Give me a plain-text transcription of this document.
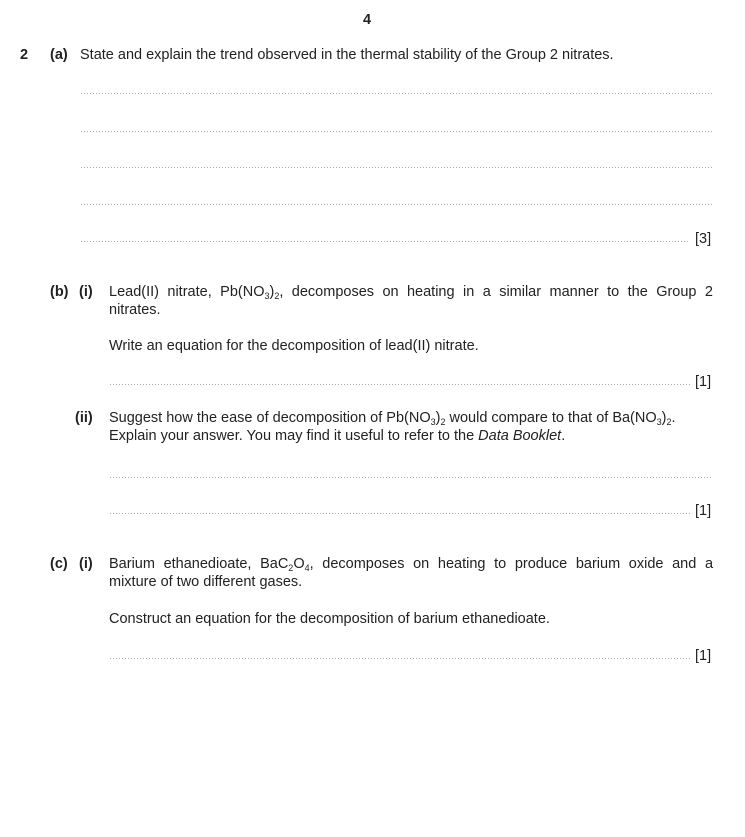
4
2 (a) State and explain the trend observed in the thermal stability of the Group 2 nitrates.
[3]
(b) (i) Lead(II) nitrate, $Pb(NO_3)_2$, decomposes on heating in a similar manner to the Group 2
nitrates.
Write an equation for the decomposition of lead(II) nitrate.
[1]
(ii) Suggest how the ease of decomposition of $Pb(NO_3)_2$ would compare to that of $Ba(NO_3)_2$.
Explain your answer. You may find it useful to refer to the Data Booklet.
[1]
(c) (i) Barium ethanedioate, $BaC_2O_4$, decomposes on heating to produce barium oxide and a
mixture of two different gases.
Construct an equation for the decomposition of barium ethanedioate.
[1]
